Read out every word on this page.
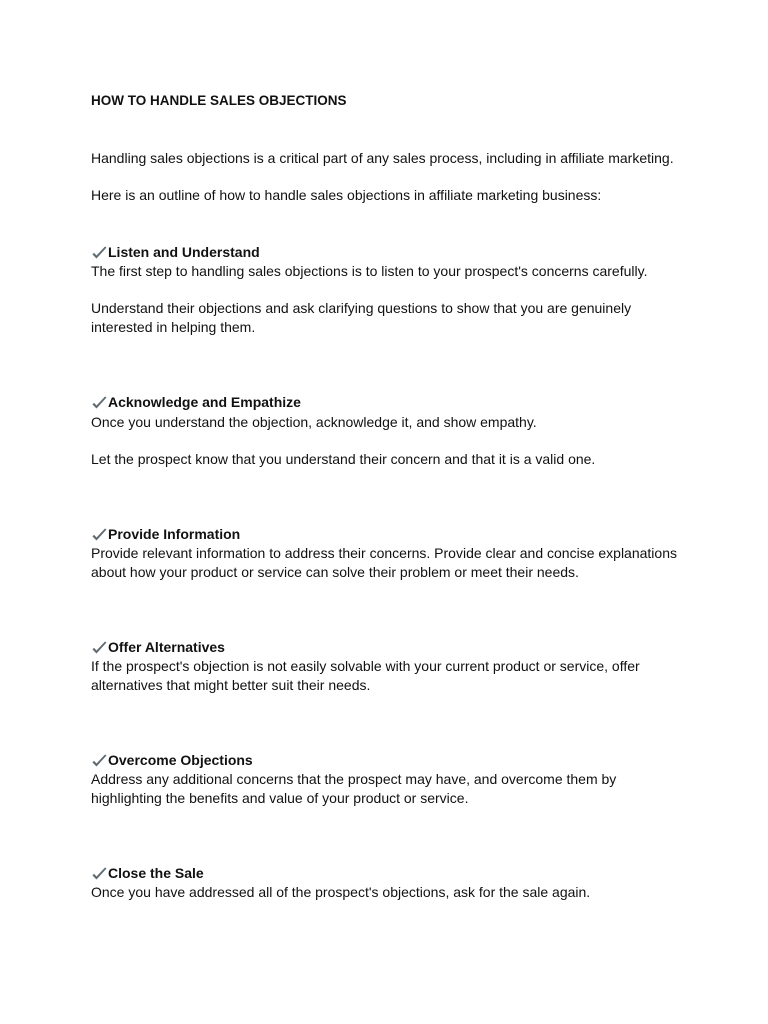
HOW TO HANDLE SALES OBJECTIONS
Handling sales objections is a critical part of any sales process, including in affiliate marketing.
Here is an outline of how to handle sales objections in affiliate marketing business:
Listen and Understand
The first step to handling sales objections is to listen to your prospect's concerns carefully.
Understand their objections and ask clarifying questions to show that you are genuinely interested in helping them.
Acknowledge and Empathize
Once you understand the objection, acknowledge it, and show empathy.
Let the prospect know that you understand their concern and that it is a valid one.
Provide Information
Provide relevant information to address their concerns. Provide clear and concise explanations about how your product or service can solve their problem or meet their needs.
Offer Alternatives
If the prospect's objection is not easily solvable with your current product or service, offer alternatives that might better suit their needs.
Overcome Objections
Address any additional concerns that the prospect may have, and overcome them by highlighting the benefits and value of your product or service.
Close the Sale
Once you have addressed all of the prospect's objections, ask for the sale again.
